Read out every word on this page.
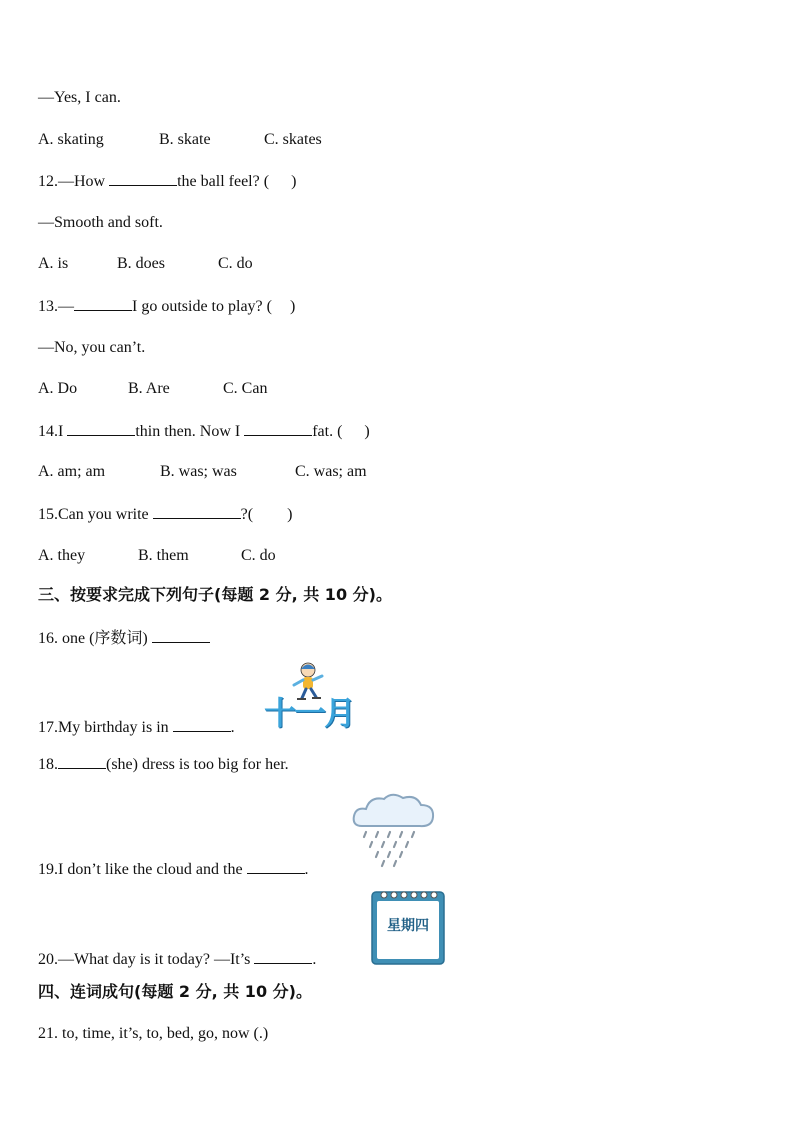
—Yes, I can.
A. skating	B. skate	C. skates
12.—How	the ball feel? ( )
—Smooth and soft.
A. is	B. does	C. do
13.—	I go outside to play? ( )
—No, you can’t.
A. Do	B. Are	C. Can
14.I	thin then. Now I	fat. ( )
A. am; am	B. was; was	C. was; am
15.Can you write	?( )
A. they	B. them	C. do
三、按要求完成下列句子(每题 2 分, 共 10 分)。
16. one (序数词)
17.My birthday is in	. 十一月
18.	(she) dress is too big for her.
19.I don’t like the cloud and the	.
星期四
20.—What day is it today? —It’s	.
四、连词成句(每题 2 分, 共 10 分)。
21. to, time, it’s, to, bed, go, now (.)
